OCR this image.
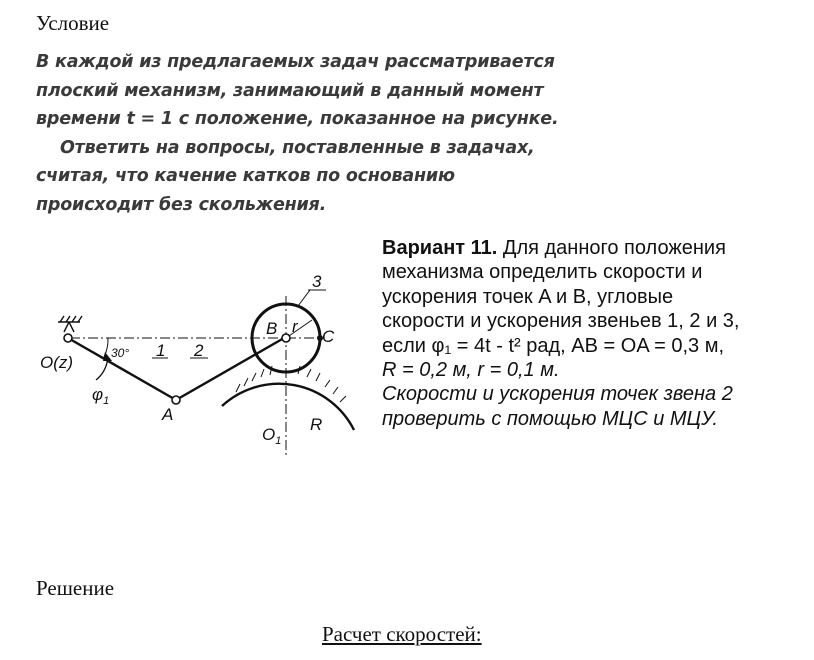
Условие
В каждой из предлагаемых задач рассматривается
плоский механизм, занимающий в данный момент
времени t = 1 с положение, показанное на рисунке.
Ответить на вопросы, поставленные в задачах,
считая, что качение катков по основанию
происходит без скольжения.
O(z)	30°
$\varphi_1$
1 2
3
A
B	C
r
$O_1$
R
Вариант 11. Для данного положения
механизма определить скорости и
ускорения точек A и B, угловые
скорости и ускорения звеньев 1, 2 и 3,
если φ₁ = 4t - t² рад, AB = OA = 0,3 м,
R = 0,2 м, r = 0,1 м.
Скорости и ускорения точек звена 2
проверить с помощью МЦС и МЦУ.
Решение
Расчет скоростей:
